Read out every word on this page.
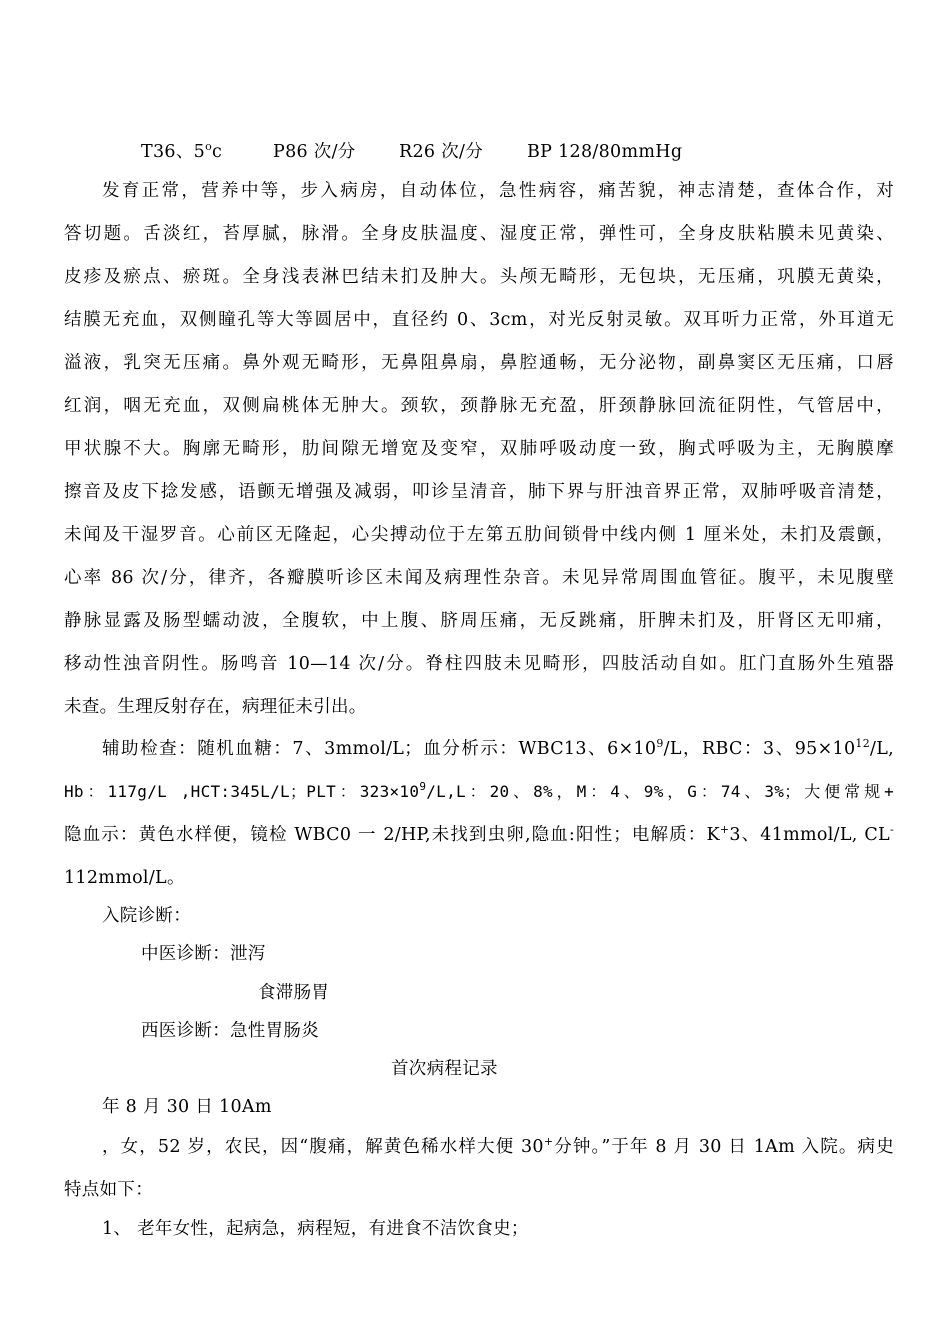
T36、5$^o$c	P86 次/分 R26 次/分	BP 128/80mmHg
发育正常，营养中等，步入病房，自动体位，急性病容，痛苦貌，神志清楚，查体合作，对
答切题。舌淡红，苔厚腻，脉滑。全身皮肤温度、湿度正常，弹性可，全身皮肤粘膜未见黄染、
皮疹及瘀点、瘀斑。全身浅表淋巴结未扪及肿大。头颅无畸形，无包块，无压痛，巩膜无黄染，
结膜无充血，双侧瞳孔等大等圆居中，直径约 0、3cm，对光反射灵敏。双耳听力正常，外耳道无
溢液，乳突无压痛。鼻外观无畸形，无鼻阻鼻扇，鼻腔通畅，无分泌物，副鼻窦区无压痛，口唇
红润，咽无充血，双侧扁桃体无肿大。颈软，颈静脉无充盈，肝颈静脉回流征阴性，气管居中，
甲状腺不大。胸廓无畸形，肋间隙无增宽及变窄，双肺呼吸动度一致，胸式呼吸为主，无胸膜摩
擦音及皮下捻发感，语颤无增强及减弱，叩诊呈清音，肺下界与肝浊音界正常，双肺呼吸音清楚，
未闻及干湿罗音。心前区无隆起，心尖搏动位于左第五肋间锁骨中线内侧 1 厘米处，未扪及震颤，
心率 86 次/分，律齐，各瓣膜听诊区未闻及病理性杂音。未见异常周围血管征。腹平，未见腹壁
静脉显露及肠型蠕动波，全腹软，中上腹、脐周压痛，无反跳痛，肝脾未扪及，肝肾区无叩痛，
移动性浊音阴性。肠鸣音 10—14 次/分。脊柱四肢未见畸形，四肢活动自如。肛门直肠外生殖器
未查。生理反射存在，病理征未引出。
辅助检查：随机血糖：7、3mmol/L；血分析示：WBC13、$6\times 10^9/L$，RBC：3、$95\times 10^{12}/L$,
Hb：117g/L ,HCT:345L/L；PLT：$323\times 10^9/L,L$：20、8%，M：4、9%，G：74、3%；大便常规+
隐血示：黄色水样便，镜检 WBC0 一 2/HP,未找到虫卵,隐血:阳性；电解质：K+3、41mmol/L, CL-
112mmol/L。
入院诊断：
中医诊断：泄泻
食滞肠胃
西医诊断：急性胃肠炎
首次病程记录
年 8 月 30 日 10Am
，女，52 岁，农民，因“腹痛，解黄色稀水样大便 30+分钟。”于年 8 月 30 日 1Am 入院。病史
特点如下：
1、 老年女性，起病急，病程短，有进食不洁饮食史；
